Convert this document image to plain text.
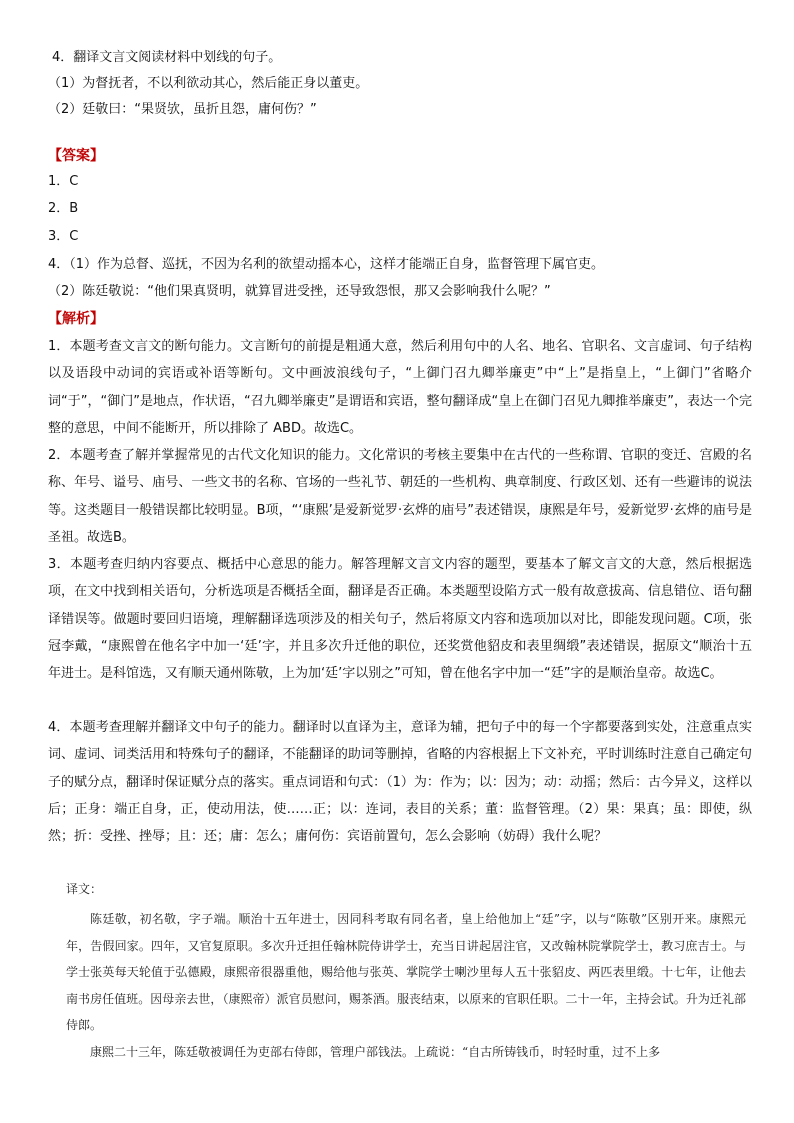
4．翻译文言文阅读材料中划线的句子。
（1）为督抚者，不以利欲动其心，然后能正身以董吏。
（2）廷敬曰：“果贤欤，虽折且怨，庸何伤？”
【答案】
1．C
2．B
3．C
4．（1）作为总督、巡抚，不因为名利的欲望动摇本心，这样才能端正自身，监督管理下属官吏。
（2）陈廷敬说：“他们果真贤明，就算冒进受挫，还导致怨恨，那又会影响我什么呢？”
【解析】
1．本题考查文言文的断句能力。文言断句的前提是粗通大意，然后利用句中的人名、地名、官职名、文言虚词、句子结构以及语段中动词的宾语或补语等断句。文中画波浪线句子，“上御门召九卿举廉吏”中“上”是指皇上，“上御门”省略介词“于”，“御门”是地点，作状语，“召九卿举廉吏”是谓语和宾语，整句翻译成“皇上在御门召见九卿推举廉吏”，表达一个完整的意思，中间不能断开，所以排除了 ABD。故选C。
2．本题考查了解并掌握常见的古代文化知识的能力。文化常识的考核主要集中在古代的一些称谓、官职的变迁、宫殿的名称、年号、谥号、庙号、一些文书的名称、官场的一些礼节、朝廷的一些机构、典章制度、行政区划、还有一些避讳的说法等。这类题目一般错误都比较明显。B项，“‘康熙’是爱新觉罗·玄烨的庙号”表述错误，康熙是年号，爱新觉罗·玄烨的庙号是圣祖。故选B。
3．本题考查归纳内容要点、概括中心意思的能力。解答理解文言文内容的题型，要基本了解文言文的大意，然后根据选项，在文中找到相关语句，分析选项是否概括全面，翻译是否正确。本类题型设陷方式一般有故意拔高、信息错位、语句翻译错误等。做题时要回归语境，理解翻译选项涉及的相关句子，然后将原文内容和选项加以对比，即能发现问题。C项，张冠李戴，“康熙曾在他名字中加一‘廷’字，并且多次升迁他的职位，还奖赏他貂皮和表里绸缎”表述错误，据原文“顺治十五年进士。是科馆选，又有顺天通州陈敬，上为加‘廷’字以别之”可知，曾在他名字中加一“廷”字的是顺治皇帝。故选C。
4．本题考查理解并翻译文中句子的能力。翻译时以直译为主，意译为辅，把句子中的每一个字都要落到实处，注意重点实词、虚词、词类活用和特殊句子的翻译，不能翻译的助词等删掉，省略的内容根据上下文补充，平时训练时注意自己确定句子的赋分点，翻译时保证赋分点的落实。重点词语和句式：（1）为：作为；以：因为；动：动摇；然后：古今异义，这样以后；正身：端正自身，正，使动用法，使……正；以：连词，表目的关系；董：监督管理。（2）果：果真；虽：即使，纵然；折：受挫、挫辱；且：还；庸：怎么；庸何伤：宾语前置句，怎么会影响（妨碍）我什么呢？
译文：
陈廷敬，初名敬，字子端。顺治十五年进士，因同科考取有同名者，皇上给他加上“廷”字，以与“陈敬”区别开来。康熙元年，告假回家。四年，又官复原职。多次升迁担任翰林院侍讲学士，充当日讲起居注官，又改翰林院掌院学士，教习庶吉士。与学士张英每天轮值于弘德殿，康熙帝很器重他，赐给他与张英、掌院学士喇沙里每人五十张貂皮、两匹表里缎。十七年，让他去南书房任值班。因母亲去世，（康熙帝）派官员慰问，赐茶酒。服丧结束，以原来的官职任职。二十一年，主持会试。升为迁礼部侍郎。
康熙二十三年，陈廷敬被调任为吏部右侍郎，管理户部钱法。上疏说：“自古所铸钱币，时轻时重，过不上多
